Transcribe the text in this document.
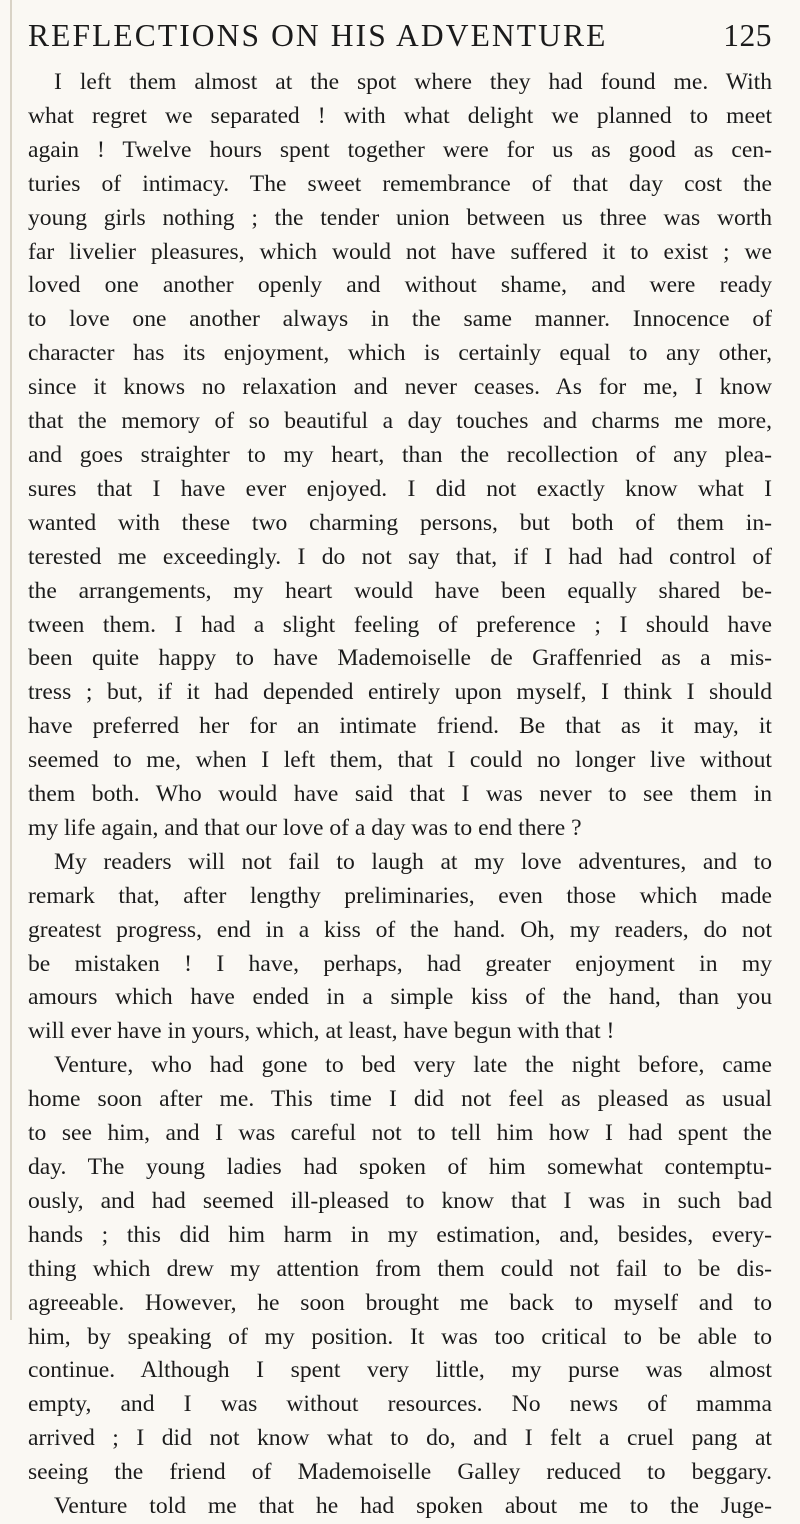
REFLECTIONS ON HIS ADVENTURE	125
I left them almost at the spot where they had found me. With
what regret we separated ! with what delight we planned to meet
again ! Twelve hours spent together were for us as good as cen-
turies of intimacy. The sweet remembrance of that day cost the
young girls nothing ; the tender union between us three was worth
far livelier pleasures, which would not have suffered it to exist ; we
loved one another openly and without shame, and were ready
to love one another always in the same manner. Innocence of
character has its enjoyment, which is certainly equal to any other,
since it knows no relaxation and never ceases. As for me, I know
that the memory of so beautiful a day touches and charms me more,
and goes straighter to my heart, than the recollection of any plea-
sures that I have ever enjoyed. I did not exactly know what I
wanted with these two charming persons, but both of them in-
terested me exceedingly. I do not say that, if I had had control of
the arrangements, my heart would have been equally shared be-
tween them. I had a slight feeling of preference ; I should have
been quite happy to have Mademoiselle de Graffenried as a mis-
tress ; but, if it had depended entirely upon myself, I think I should
have preferred her for an intimate friend. Be that as it may, it
seemed to me, when I left them, that I could no longer live without
them both. Who would have said that I was never to see them in
my life again, and that our love of a day was to end there ?
My readers will not fail to laugh at my love adventures, and to
remark that, after lengthy preliminaries, even those which made
greatest progress, end in a kiss of the hand. Oh, my readers, do not
be mistaken ! I have, perhaps, had greater enjoyment in my
amours which have ended in a simple kiss of the hand, than you
will ever have in yours, which, at least, have begun with that !
Venture, who had gone to bed very late the night before, came
home soon after me. This time I did not feel as pleased as usual
to see him, and I was careful not to tell him how I had spent the
day. The young ladies had spoken of him somewhat contemptu-
ously, and had seemed ill-pleased to know that I was in such bad
hands ; this did him harm in my estimation, and, besides, every-
thing which drew my attention from them could not fail to be dis-
agreeable. However, he soon brought me back to myself and to
him, by speaking of my position. It was too critical to be able to
continue. Although I spent very little, my purse was almost
empty, and I was without resources. No news of mamma
arrived ; I did not know what to do, and I felt a cruel pang at
seeing the friend of Mademoiselle Galley reduced to beggary.
Venture told me that he had spoken about me to the Juge-
